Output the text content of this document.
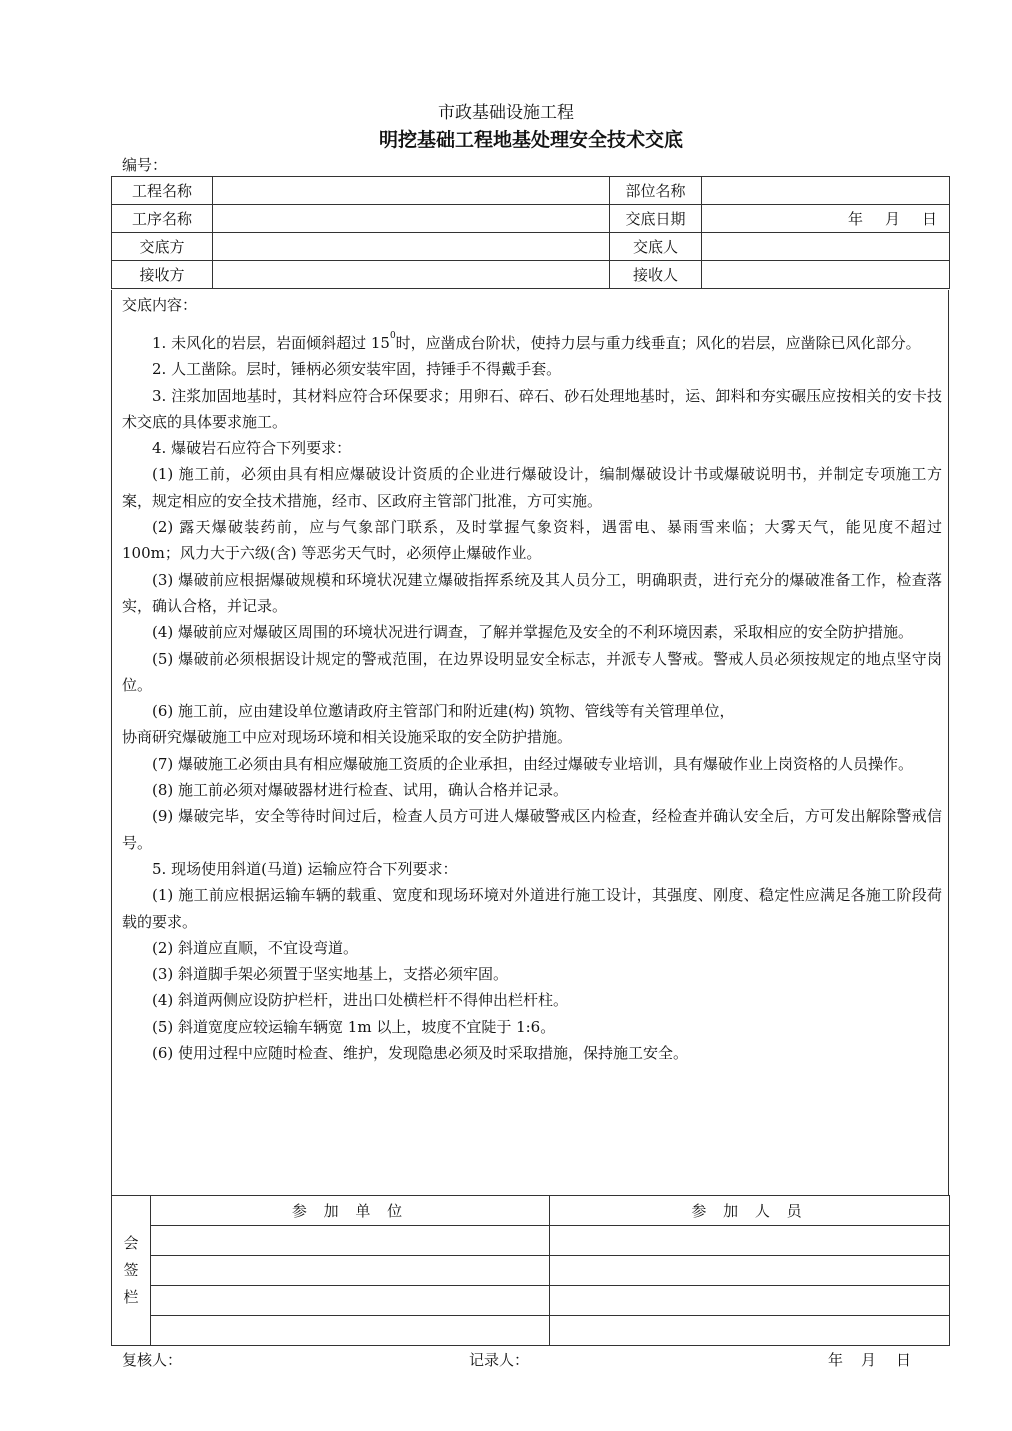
市政基础设施工程
明挖基础工程地基处理安全技术交底
编号：
工程名称		部位名称	
工序名称		交底日期	年 月 日
交底方		交底人	
接收方		接收人	
交底内容：

1. 未风化的岩层，岩面倾斜超过 $15^0$时，应凿成台阶状，使持力层与重力线垂直；风化的岩层，应凿除已风化部分。

2. 人工凿除。层时，锤柄必须安装牢固，持锤手不得戴手套。

3. 注浆加固地基时，其材料应符合环保要求；用卵石、碎石、砂石处理地基时，运、卸料和夯实碾压应按相关的安卡技术交底的具体要求施工。

4. 爆破岩石应符合下列要求：

(1) 施工前，必须由具有相应爆破设计资质的企业进行爆破设计，编制爆破设计书或爆破说明书，并制定专项施工方案，规定相应的安全技术措施，经市、区政府主管部门批准，方可实施。

(2) 露天爆破装药前，应与气象部门联系，及时掌握气象资料，遇雷电、暴雨雪来临；大雾天气，能见度不超过 100m；风力大于六级(含) 等恶劣天气时，必须停止爆破作业。

(3) 爆破前应根据爆破规模和环境状况建立爆破指挥系统及其人员分工，明确职责，进行充分的爆破准备工作，检查落实，确认合格，并记录。

(4) 爆破前应对爆破区周围的环境状况进行调查，了解并掌握危及安全的不利环境因素，采取相应的安全防护措施。

(5) 爆破前必须根据设计规定的警戒范围，在边界设明显安全标志，并派专人警戒。警戒人员必须按规定的地点坚守岗位。

(6) 施工前，应由建设单位邀请政府主管部门和附近建(构) 筑物、管线等有关管理单位，

协商研究爆破施工中应对现场环境和相关设施采取的安全防护措施。

(7) 爆破施工必须由具有相应爆破施工资质的企业承担，由经过爆破专业培训，具有爆破作业上岗资格的人员操作。

(8) 施工前必须对爆破器材进行检查、试用，确认合格并记录。

(9) 爆破完毕，安全等待时间过后，检查人员方可进人爆破警戒区内检查，经检查并确认安全后，方可发出解除警戒信号。

5. 现场使用斜道(马道) 运输应符合下列要求：

(1) 施工前应根据运输车辆的载重、宽度和现场环境对外道进行施工设计，其强度、刚度、稳定性应满足各施工阶段荷载的要求。

(2) 斜道应直顺，不宜设弯道。

(3) 斜道脚手架必须置于坚实地基上，支搭必须牢固。

(4) 斜道两侧应设防护栏杆，进出口处横栏杆不得伸出栏杆柱。

(5) 斜道宽度应较运输车辆宽 1m 以上，坡度不宜陡于 1:6。

(6) 使用过程中应随时检查、维护，发现隐患必须及时采取措施，保持施工安全。

会
签
栏	参 加 单 位	参 加 人 员

复核人：	记录人：	年 月 日
